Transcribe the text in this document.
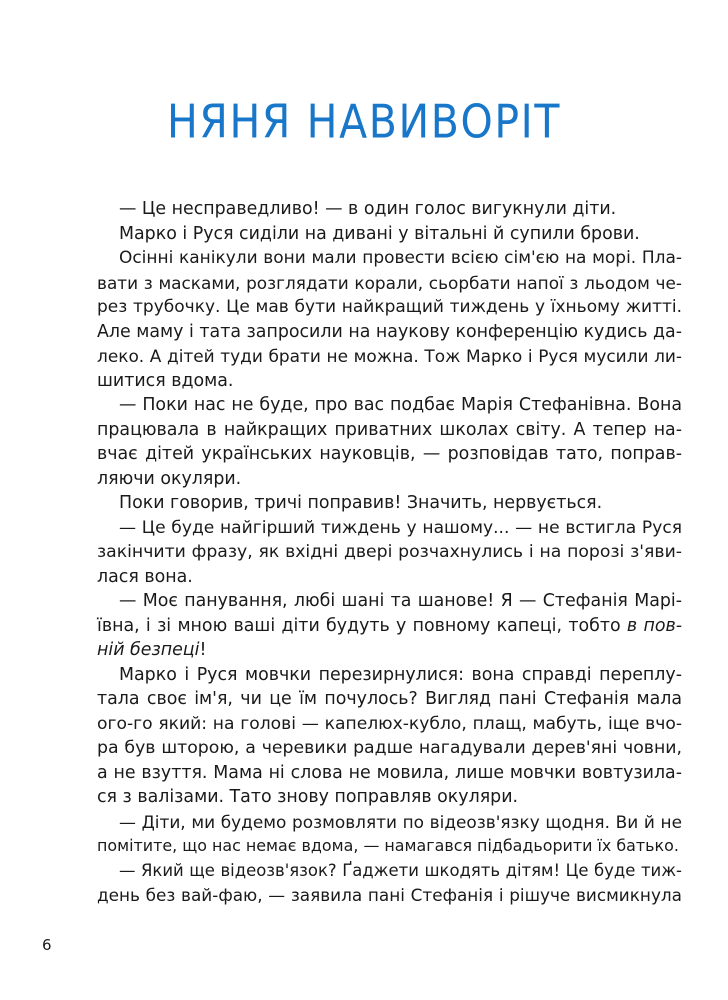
НЯНЯ НАВИВОРІТ
— Це несправедливо! — в один голос вигукнули діти.
Марко і Руся сиділи на дивані у вітальні й супили брови.
Осінні канікули вони мали провести всією сім'єю на морі. Пла-
вати з масками, розглядати корали, сьорбати напої з льодом че-
рез трубочку. Це мав бути найкращий тиждень у їхньому житті.
Але маму і тата запросили на наукову конференцію кудись да-
леко. А дітей туди брати не можна. Тож Марко і Руся мусили ли-
шитися вдома.
— Поки нас не буде, про вас подбає Марія Стефанівна. Вона
працювала в найкращих приватних школах світу. А тепер на-
вчає дітей українських науковців, — розповідав тато, поправ-
ляючи окуляри.
Поки говорив, тричі поправив! Значить, нервується.
— Це буде найгірший тиждень у нашому... — не встигла Руся
закінчити фразу, як вхідні двері розчахнулись і на порозі з'яви-
лася вона.
— Моє панування, любі шані та шанове! Я — Стефанія Марі-
ївна, і зі мною ваші діти будуть у повному капеці, тобто в пов-
ній безпеці!
Марко і Руся мовчки перезирнулися: вона справді переплу-
тала своє ім'я, чи це їм почулось? Вигляд пані Стефанія мала
ого-го який: на голові — капелюх-кубло, плащ, мабуть, іще вчо-
ра був шторою, а черевики радше нагадували дерев'яні човни,
а не взуття. Мама ні слова не мовила, лише мовчки вовтузила-
ся з валізами. Тато знову поправляв окуляри.
— Діти, ми будемо розмовляти по відеозв'язку щодня. Ви й не
помітите, що нас немає вдома, — намагався підбадьорити їх батько.
— Який ще відеозв'язок? Ґаджети шкодять дітям! Це буде тиж-
день без вай-фаю, — заявила пані Стефанія і рішуче висмикнула
6
